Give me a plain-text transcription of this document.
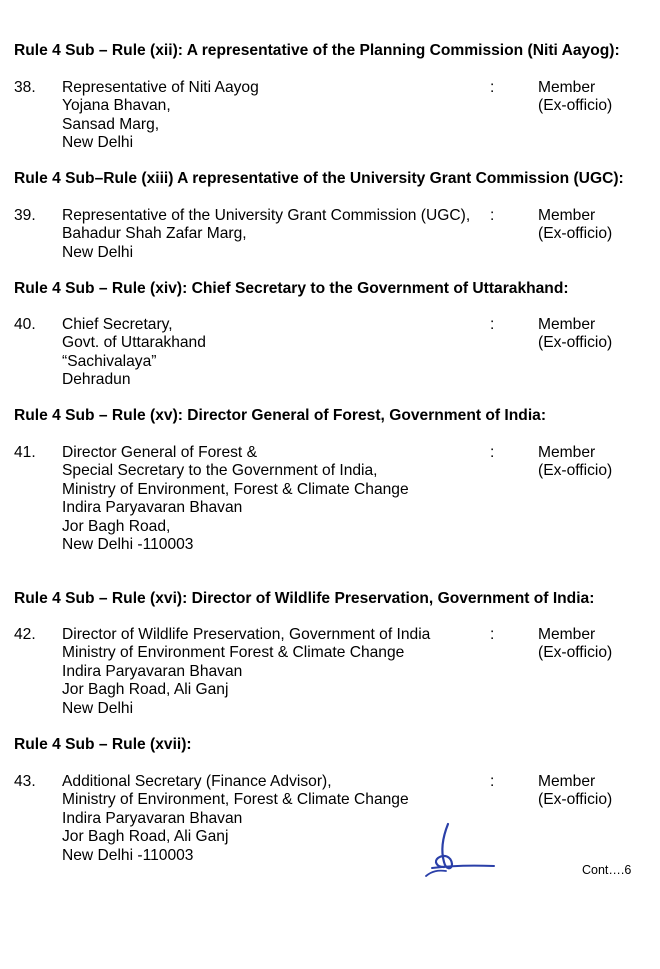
Rule 4 Sub – Rule (xii): A representative of the Planning Commission (Niti Aayog):
38. Representative of Niti Aayog
Yojana Bhavan,
Sansad Marg,
New Delhi
:	Member
(Ex-officio)
Rule 4 Sub–Rule (xiii) A representative of the University Grant Commission (UGC):
39. Representative of the University Grant Commission (UGC),
Bahadur Shah Zafar Marg,
New Delhi
:	Member
(Ex-officio)
Rule 4 Sub – Rule (xiv): Chief Secretary to the Government of Uttarakhand:
40. Chief Secretary,
Govt. of Uttarakhand
“Sachivalaya”
Dehradun
:	Member
(Ex-officio)
Rule 4 Sub – Rule (xv): Director General of Forest, Government of India:
41. Director General of Forest &
Special Secretary to the Government of India,
Ministry of Environment, Forest & Climate Change
Indira Paryavaran Bhavan
Jor Bagh Road,
New Delhi -110003
:	Member
(Ex-officio)
Rule 4 Sub – Rule (xvi): Director of Wildlife Preservation, Government of India:
42. Director of Wildlife Preservation, Government of India
Ministry of Environment Forest & Climate Change
Indira Paryavaran Bhavan
Jor Bagh Road, Ali Ganj
New Delhi
:	Member
(Ex-officio)
Rule 4 Sub – Rule (xvii):
43. Additional Secretary (Finance Advisor),
Ministry of Environment, Forest & Climate Change
Indira Paryavaran Bhavan
Jor Bagh Road, Ali Ganj
New Delhi -110003
:	Member
(Ex-officio)
Cont….6
